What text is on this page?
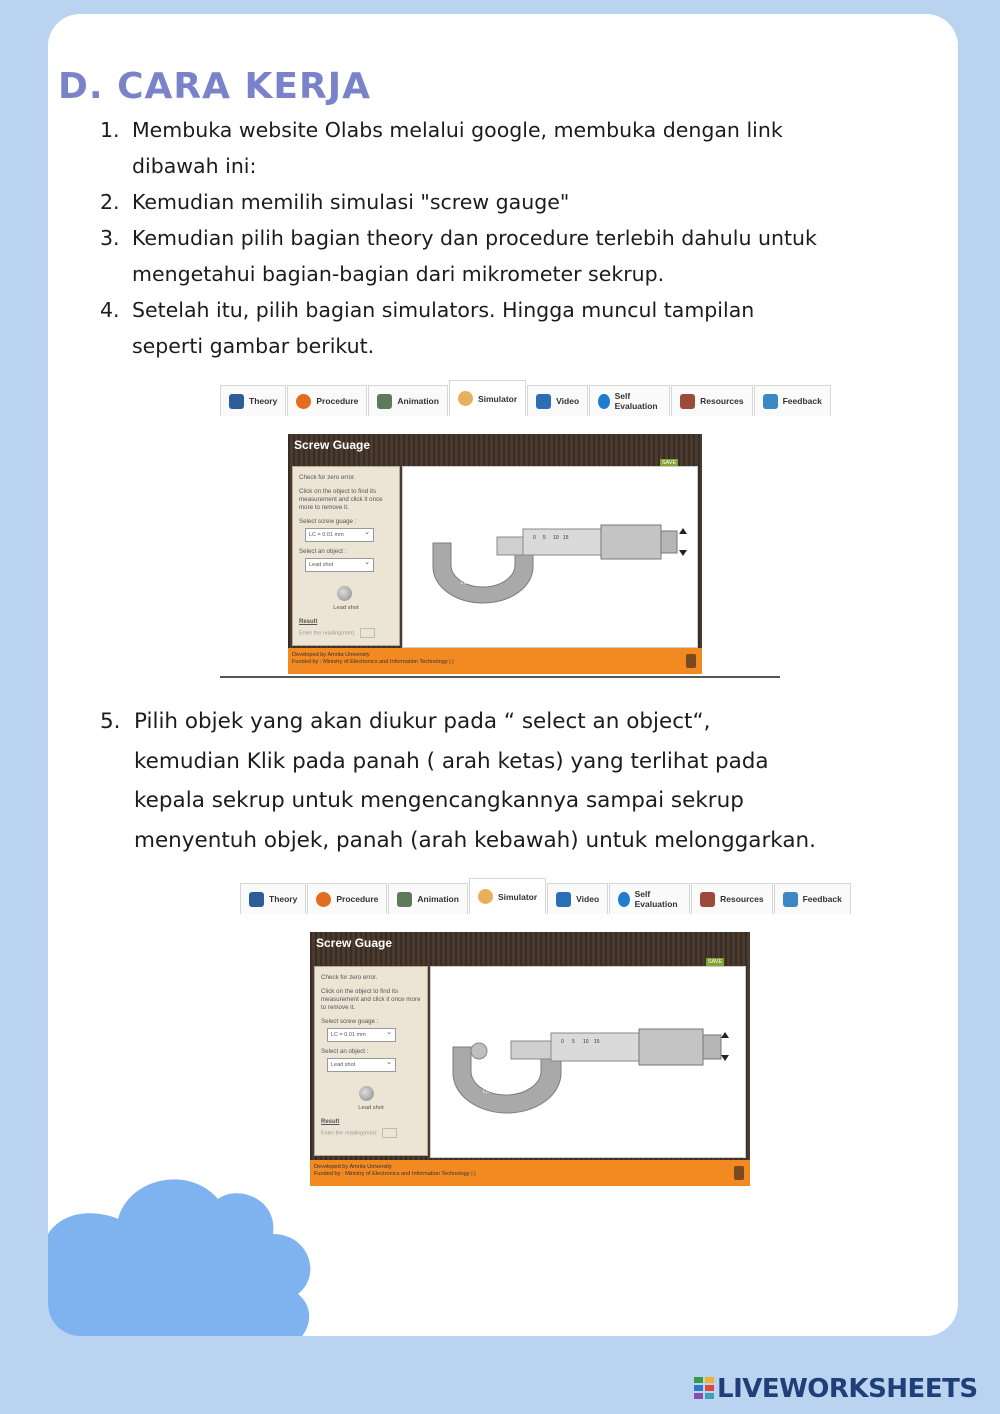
D. CARA KERJA
1. Membuka website Olabs melalui google, membuka dengan link
dibawah ini:
2. Kemudian memilih simulasi "screw gauge"
3. Kemudian pilih bagian theory dan procedure terlebih dahulu untuk
mengetahui bagian-bagian dari mikrometer sekrup.
4. Setelah itu, pilih bagian simulators. Hingga muncul tampilan
seperti gambar berikut.
Theory	Procedure	Animation	Simulator	Video	Self Evaluation	Resources	Feedback
Screw Guage
SAVE

Check for zero error.

Click on the object to find its measurement and click it once more to remove it.

Select screw guage :
LC = 0.01 mm ⌄
Select an object :
Lead shot ⌄
Lead shot
Result
Enter the reading(mm):
0 5 10 15
LC = 0.01 mm
Developed by Amrita University
Funded by : Ministry of Electronics and Information Technology | |
5. Pilih objek yang akan diukur pada “ select an object“,
kemudian Klik pada panah ( arah ketas) yang terlihat pada
kepala sekrup untuk mengencangkannya sampai sekrup
menyentuh objek, panah (arah kebawah) untuk melonggarkan.
Theory	Procedure	Animation	Simulator	Video	Self Evaluation	Resources	Feedback
Screw Guage
SAVE

Check for zero error.

Click on the object to find its measurement and click it once more to remove it.

Select screw guage :
LC = 0.01 mm ⌄
Select an object :
Lead shot ⌄
Lead shot
Result
Enter the reading(mm):
0 5 10 15
LC = 0.01 mm
Developed by Amrita University
Funded by : Ministry of Electronics and Information Technology | |
LIVEWORKSHEETS
